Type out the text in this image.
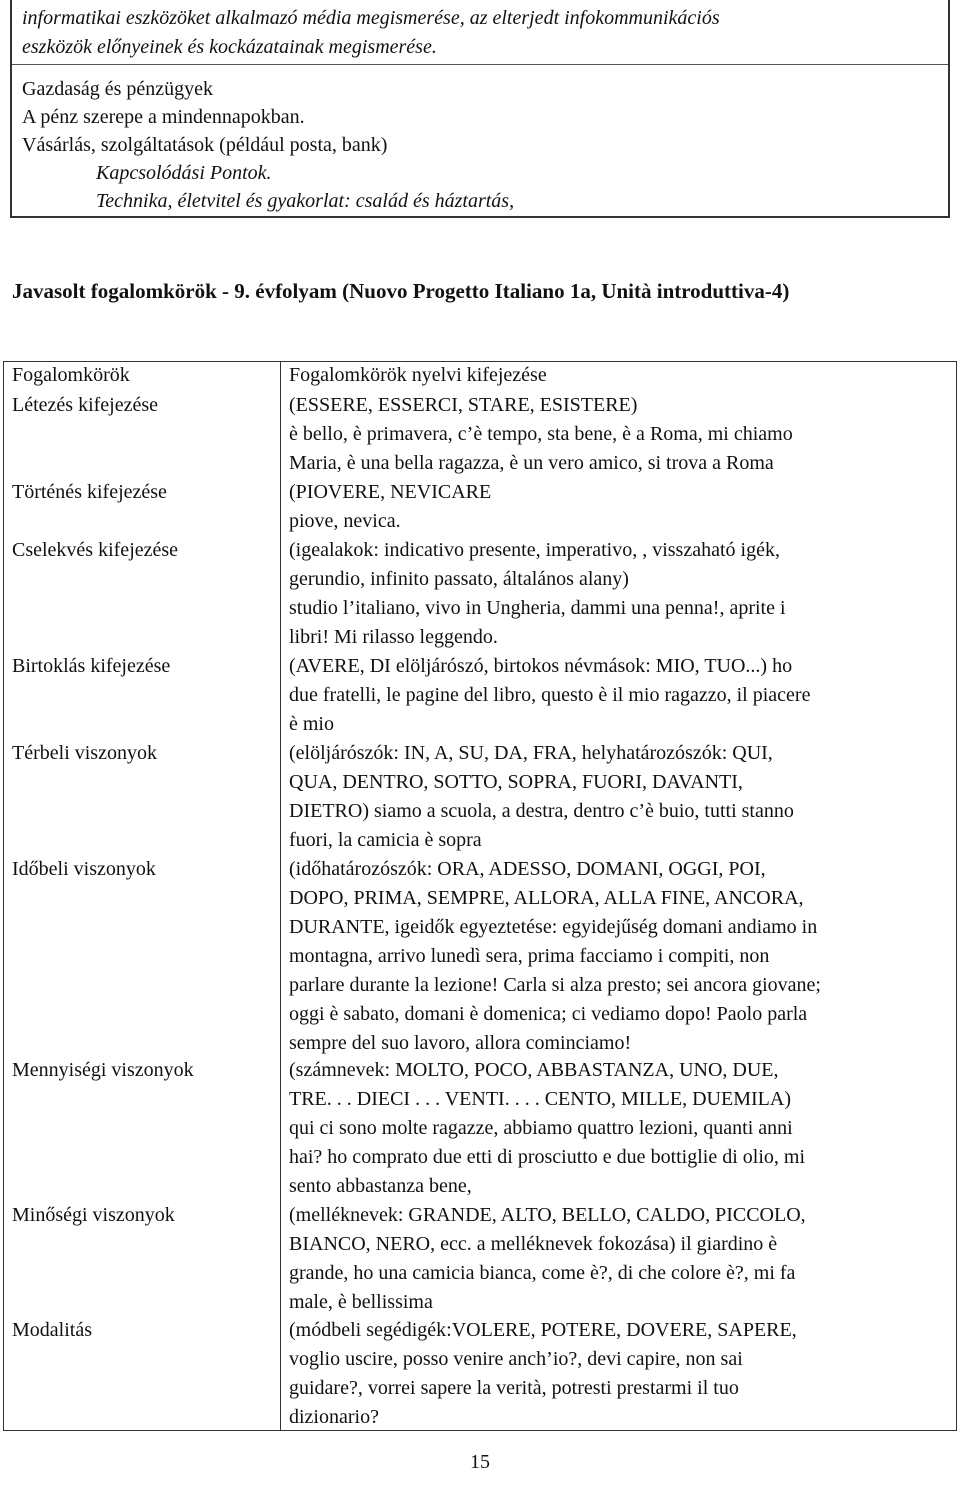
informatikai eszközöket alkalmazó média megismerése, az elterjedt infokommunikációs
eszközök előnyeinek és kockázatainak megismerése.
Gazdaság és pénzügyek
A pénz szerepe a mindennapokban.
Vásárlás, szolgáltatások (például posta, bank)
Kapcsolódási Pontok.
Technika, életvitel és gyakorlat: család és háztartás,
Javasolt fogalomkörök - 9. évfolyam (Nuovo Progetto Italiano 1a, Unità introduttiva-4)
Fogalomkörök	Fogalomkörök nyelvi kifejezése
Létezés kifejezése	(ESSERE, ESSERCI, STARE, ESISTERE)
è bello, è primavera, c’è tempo, sta bene, è a Roma, mi chiamo
Maria, è una bella ragazza, è un vero amico, si trova a Roma
Történés kifejezése	(PIOVERE, NEVICARE
piove, nevica.
Cselekvés kifejezése	(igealakok: indicativo presente, imperativo, , visszaható igék,
gerundio, infinito passato, általános alany)
studio l’italiano, vivo in Ungheria, dammi una penna!, aprite i
libri! Mi rilasso leggendo.
Birtoklás kifejezése	(AVERE, DI elöljárószó, birtokos névmások: MIO, TUO...) ho
due fratelli, le pagine del libro, questo è il mio ragazzo, il piacere
è mio
Térbeli viszonyok	(elöljárószók: IN, A, SU, DA, FRA, helyhatározószók: QUI,
QUA, DENTRO, SOTTO, SOPRA, FUORI, DAVANTI,
DIETRO) siamo a scuola, a destra, dentro c’è buio, tutti stanno
fuori, la camicia è sopra
Időbeli viszonyok	(időhatározószók: ORA, ADESSO, DOMANI, OGGI, POI,
DOPO, PRIMA, SEMPRE, ALLORA, ALLA FINE, ANCORA,
DURANTE, igeidők egyeztetése: egyidejűség domani andiamo in
montagna, arrivo lunedì sera, prima facciamo i compiti, non
parlare durante la lezione! Carla si alza presto; sei ancora giovane;
oggi è sabato, domani è domenica; ci vediamo dopo! Paolo parla
sempre del suo lavoro, allora cominciamo!
Mennyiségi viszonyok	(számnevek: MOLTO, POCO, ABBASTANZA, UNO, DUE,
TRE. . . DIECI . . . VENTI. . . . CENTO, MILLE, DUEMILA)
qui ci sono molte ragazze, abbiamo quattro lezioni, quanti anni
hai? ho comprato due etti di prosciutto e due bottiglie di olio, mi
sento abbastanza bene,
Minőségi viszonyok	(melléknevek: GRANDE, ALTO, BELLO, CALDO, PICCOLO,
BIANCO, NERO, ecc. a melléknevek fokozása) il giardino è
grande, ho una camicia bianca, come è?, di che colore è?, mi fa
male, è bellissima
Modalitás	(módbeli segédigék:VOLERE, POTERE, DOVERE, SAPERE,
voglio uscire, posso venire anch’io?, devi capire, non sai
guidare?, vorrei sapere la verità, potresti prestarmi il tuo
dizionario?
15
